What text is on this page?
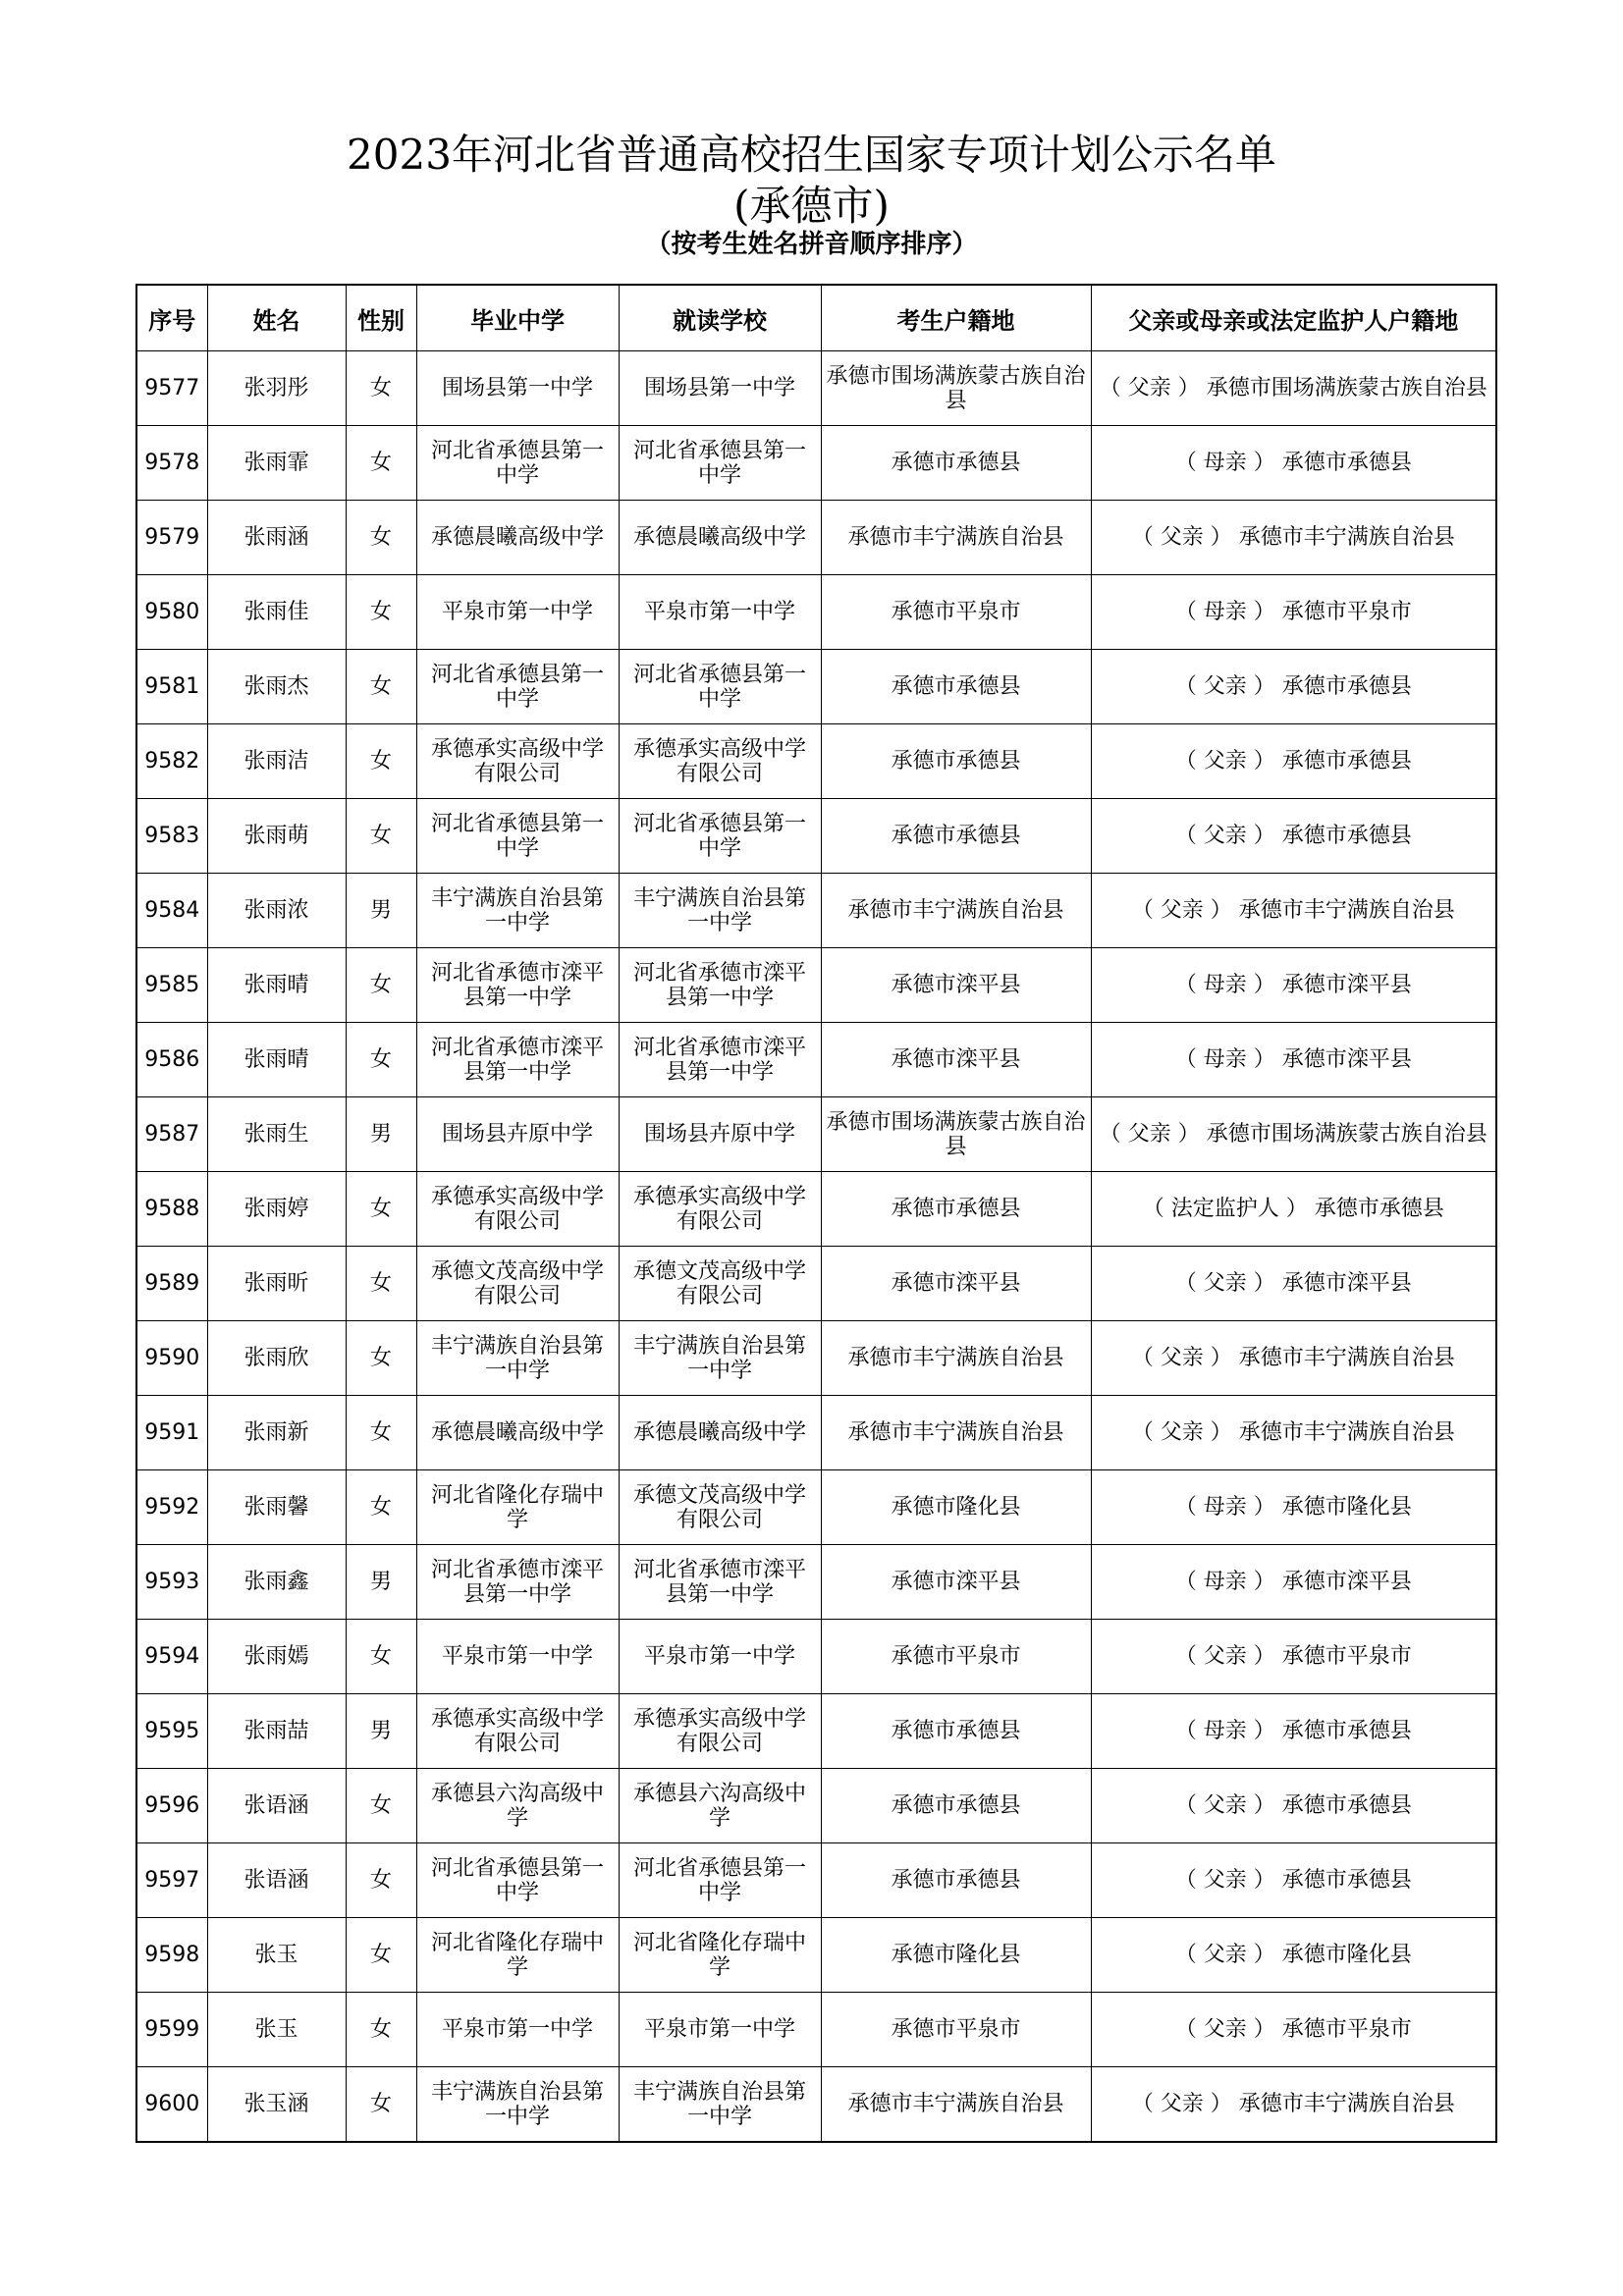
2023年河北省普通高校招生国家专项计划公示名单
(承德市)
（按考生姓名拼音顺序排序）
序号	姓名	性别	毕业中学	就读学校	考生户籍地	父亲或母亲或法定监护人户籍地
9577	张羽彤	女	围场县第一中学	围场县第一中学	承德市围场满族蒙古族自治县	（ 父亲 ） 承德市围场满族蒙古族自治县
9578	张雨霏	女	河北省承德县第一中学	河北省承德县第一中学	承德市承德县	（ 母亲 ） 承德市承德县
9579	张雨涵	女	承德晨曦高级中学	承德晨曦高级中学	承德市丰宁满族自治县	（ 父亲 ） 承德市丰宁满族自治县
9580	张雨佳	女	平泉市第一中学	平泉市第一中学	承德市平泉市	（ 母亲 ） 承德市平泉市
9581	张雨杰	女	河北省承德县第一中学	河北省承德县第一中学	承德市承德县	（ 父亲 ） 承德市承德县
9582	张雨洁	女	承德承实高级中学有限公司	承德承实高级中学有限公司	承德市承德县	（ 父亲 ） 承德市承德县
9583	张雨萌	女	河北省承德县第一中学	河北省承德县第一中学	承德市承德县	（ 父亲 ） 承德市承德县
9584	张雨浓	男	丰宁满族自治县第一中学	丰宁满族自治县第一中学	承德市丰宁满族自治县	（ 父亲 ） 承德市丰宁满族自治县
9585	张雨晴	女	河北省承德市滦平县第一中学	河北省承德市滦平县第一中学	承德市滦平县	（ 母亲 ） 承德市滦平县
9586	张雨晴	女	河北省承德市滦平县第一中学	河北省承德市滦平县第一中学	承德市滦平县	（ 母亲 ） 承德市滦平县
9587	张雨生	男	围场县卉原中学	围场县卉原中学	承德市围场满族蒙古族自治县	（ 父亲 ） 承德市围场满族蒙古族自治县
9588	张雨婷	女	承德承实高级中学有限公司	承德承实高级中学有限公司	承德市承德县	（ 法定监护人 ） 承德市承德县
9589	张雨昕	女	承德文茂高级中学有限公司	承德文茂高级中学有限公司	承德市滦平县	（ 父亲 ） 承德市滦平县
9590	张雨欣	女	丰宁满族自治县第一中学	丰宁满族自治县第一中学	承德市丰宁满族自治县	（ 父亲 ） 承德市丰宁满族自治县
9591	张雨新	女	承德晨曦高级中学	承德晨曦高级中学	承德市丰宁满族自治县	（ 父亲 ） 承德市丰宁满族自治县
9592	张雨馨	女	河北省隆化存瑞中学	承德文茂高级中学有限公司	承德市隆化县	（ 母亲 ） 承德市隆化县
9593	张雨鑫	男	河北省承德市滦平县第一中学	河北省承德市滦平县第一中学	承德市滦平县	（ 母亲 ） 承德市滦平县
9594	张雨嫣	女	平泉市第一中学	平泉市第一中学	承德市平泉市	（ 父亲 ） 承德市平泉市
9595	张雨喆	男	承德承实高级中学有限公司	承德承实高级中学有限公司	承德市承德县	（ 母亲 ） 承德市承德县
9596	张语涵	女	承德县六沟高级中学	承德县六沟高级中学	承德市承德县	（ 父亲 ） 承德市承德县
9597	张语涵	女	河北省承德县第一中学	河北省承德县第一中学	承德市承德县	（ 父亲 ） 承德市承德县
9598	张玉	女	河北省隆化存瑞中学	河北省隆化存瑞中学	承德市隆化县	（ 父亲 ） 承德市隆化县
9599	张玉	女	平泉市第一中学	平泉市第一中学	承德市平泉市	（ 父亲 ） 承德市平泉市
9600	张玉涵	女	丰宁满族自治县第一中学	丰宁满族自治县第一中学	承德市丰宁满族自治县	（ 父亲 ） 承德市丰宁满族自治县
